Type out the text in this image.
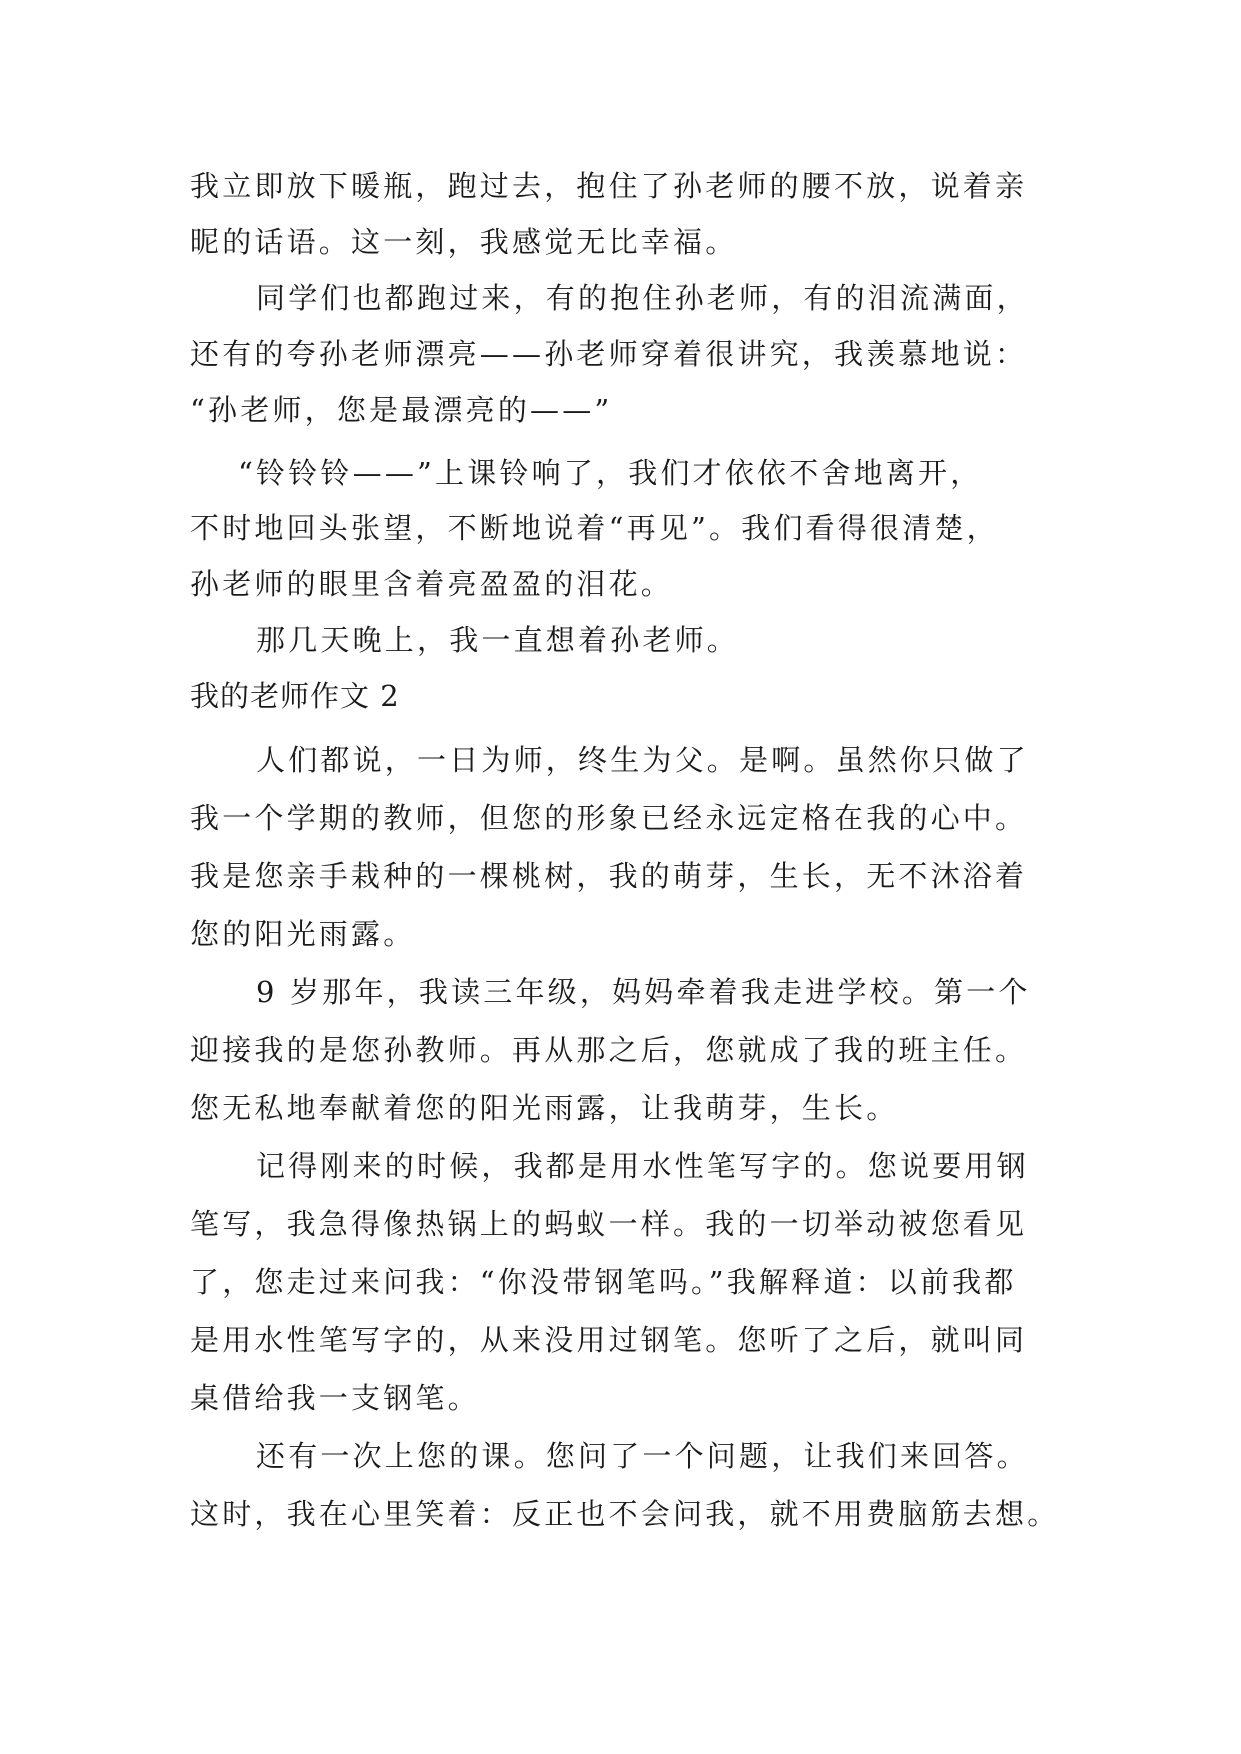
我立即放下暖瓶，跑过去，抱住了孙老师的腰不放，说着亲
昵的话语。这一刻，我感觉无比幸福。
同学们也都跑过来，有的抱住孙老师，有的泪流满面，
还有的夸孙老师漂亮——孙老师穿着很讲究，我羡慕地说：
“孙老师，您是最漂亮的——”
“铃铃铃——”上课铃响了，我们才依依不舍地离开，
不时地回头张望，不断地说着“再见”。我们看得很清楚，
孙老师的眼里含着亮盈盈的泪花。
那几天晚上，我一直想着孙老师。
我的老师作文 2
人们都说，一日为师，终生为父。是啊。虽然你只做了
我一个学期的教师，但您的形象已经永远定格在我的心中。
我是您亲手栽种的一棵桃树，我的萌芽，生长，无不沐浴着
您的阳光雨露。
9 岁那年，我读三年级，妈妈牵着我走进学校。第一个
迎接我的是您孙教师。再从那之后，您就成了我的班主任。
您无私地奉献着您的阳光雨露，让我萌芽，生长。
记得刚来的时候，我都是用水性笔写字的。您说要用钢
笔写，我急得像热锅上的蚂蚁一样。我的一切举动被您看见
了，您走过来问我：“你没带钢笔吗。”我解释道：以前我都
是用水性笔写字的，从来没用过钢笔。您听了之后，就叫同
桌借给我一支钢笔。
还有一次上您的课。您问了一个问题，让我们来回答。
这时，我在心里笑着：反正也不会问我，就不用费脑筋去想。
